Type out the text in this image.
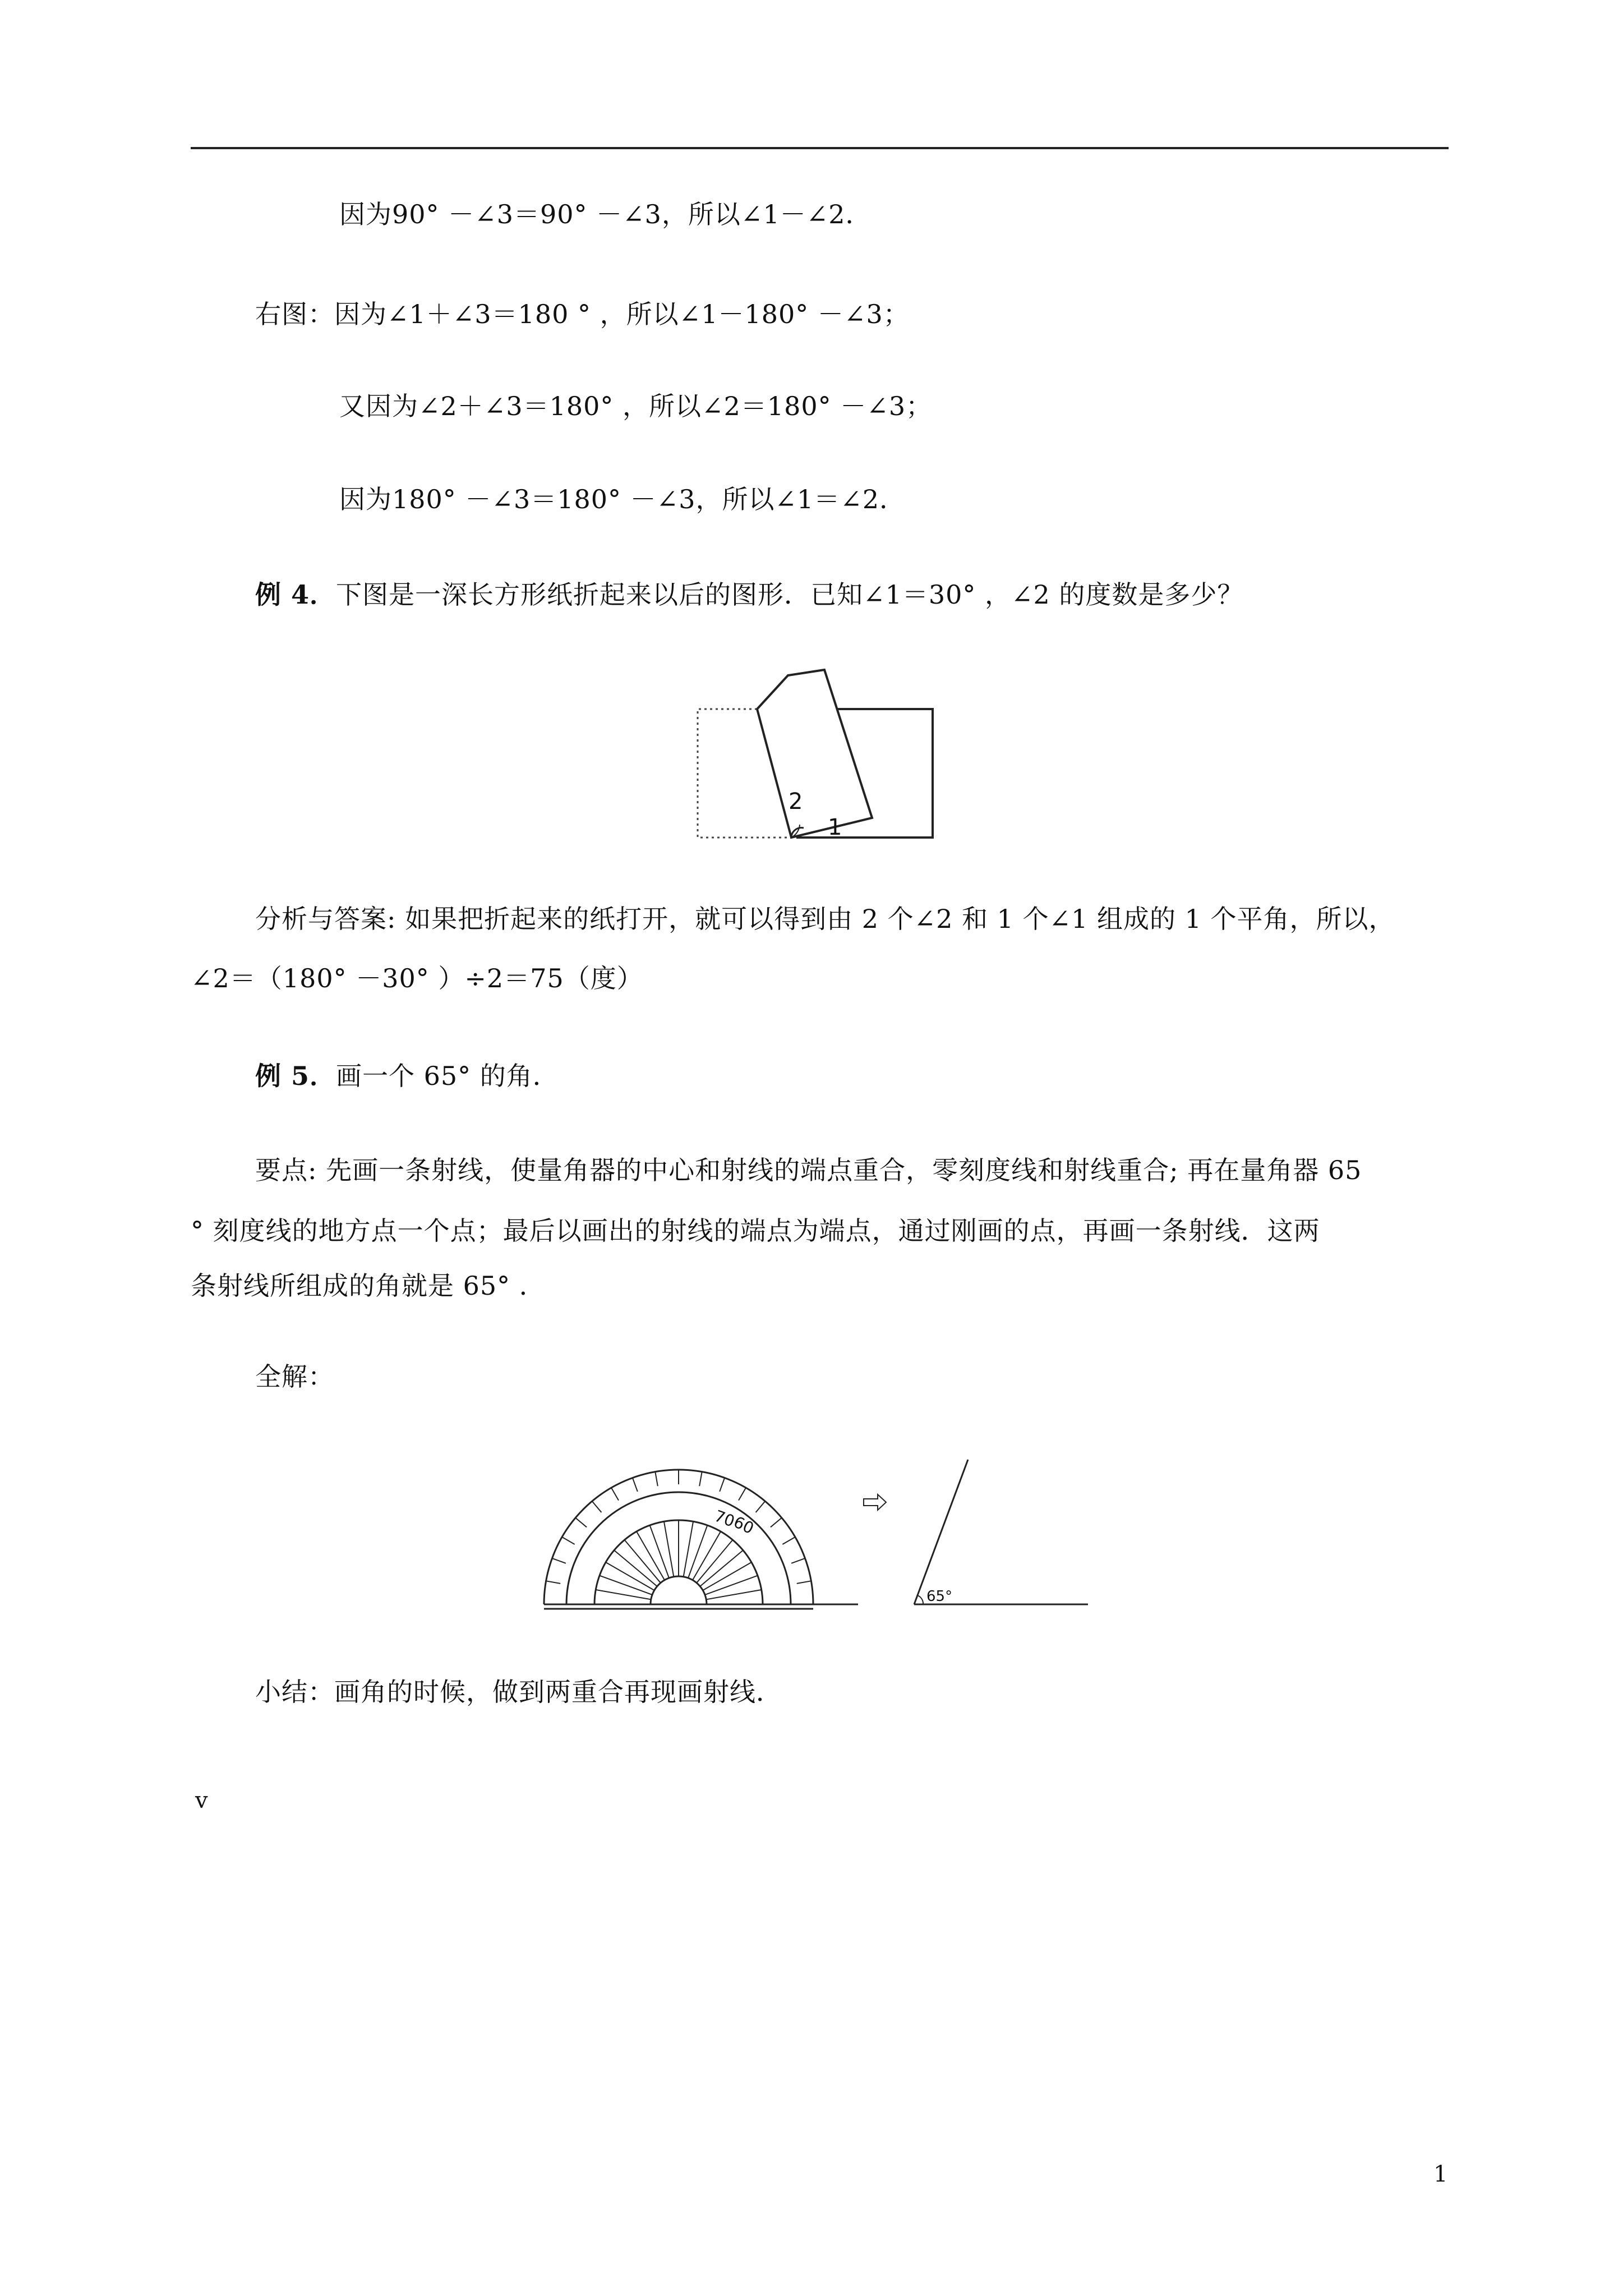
因为90° －∠3＝90° －∠3，所以∠1－∠2．
右图：因为∠1＋∠3＝180 ° ，所以∠1－180° －∠3；
又因为∠2＋∠3＝180° ，所以∠2＝180° －∠3；
因为180° －∠3＝180° －∠3，所以∠1＝∠2．
例 4．下图是一深长方形纸折起来以后的图形．已知∠1＝30° ，∠2 的度数是多少？
2
1
分析与答案: 如果把折起来的纸打开，就可以得到由 2 个∠2 和 1 个∠1 组成的 1 个平角，所以，
∠2＝（180° －30° ）÷2＝75（度）
例 5．画一个 65° 的角．
要点: 先画一条射线，使量角器的中心和射线的端点重合，零刻度线和射线重合; 再在量角器 65
° 刻度线的地方点一个点；最后以画出的射线的端点为端点，通过刚画的点，再画一条射线．这两
条射线所组成的角就是 65° ．
全解：
65°
70
60
小结：画角的时候，做到两重合再现画射线．
v
1
